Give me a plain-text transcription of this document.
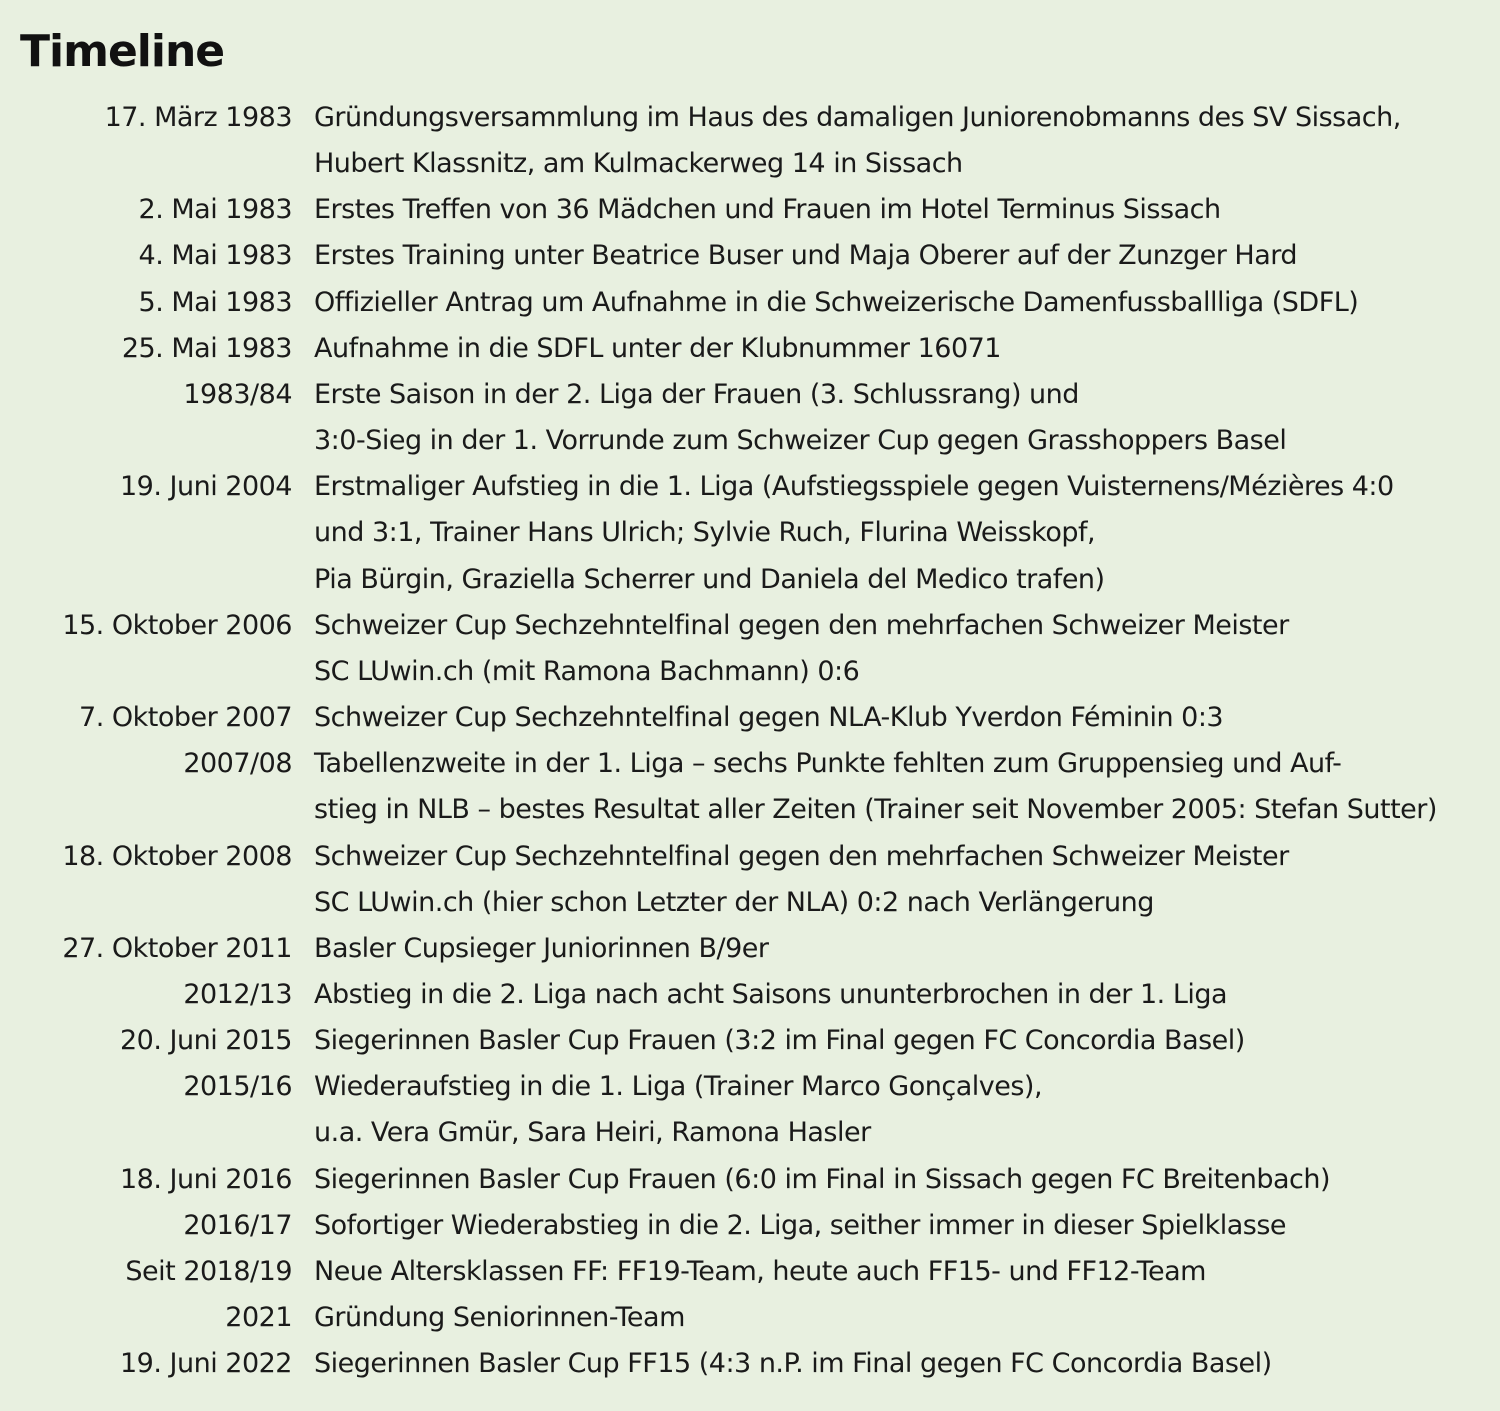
Timeline
17. März 1983 Gründungsversammlung im Haus des damaligen Juniorenobmanns des SV Sissach,
Hubert Klassnitz, am Kulmackerweg 14 in Sissach
2. Mai 1983 Erstes Treffen von 36 Mädchen und Frauen im Hotel Terminus Sissach
4. Mai 1983 Erstes Training unter Beatrice Buser und Maja Oberer auf der Zunzger Hard
5. Mai 1983 Offizieller Antrag um Aufnahme in die Schweizerische Damenfussballliga (SDFL)
25. Mai 1983 Aufnahme in die SDFL unter der Klubnummer 16071
1983/84 Erste Saison in der 2. Liga der Frauen (3. Schlussrang) und
3:0-Sieg in der 1. Vorrunde zum Schweizer Cup gegen Grasshoppers Basel
19. Juni 2004 Erstmaliger Aufstieg in die 1. Liga (Aufstiegsspiele gegen Vuisternens/Mézières 4:0
und 3:1, Trainer Hans Ulrich; Sylvie Ruch, Flurina Weisskopf,
Pia Bürgin, Graziella Scherrer und Daniela del Medico trafen)
15. Oktober 2006 Schweizer Cup Sechzehntelfinal gegen den mehrfachen Schweizer Meister
SC LUwin.ch (mit Ramona Bachmann) 0:6
7. Oktober 2007 Schweizer Cup Sechzehntelfinal gegen NLA-Klub Yverdon Féminin 0:3
2007/08 Tabellenzweite in der 1. Liga – sechs Punkte fehlten zum Gruppensieg und Auf-
stieg in NLB – bestes Resultat aller Zeiten (Trainer seit November 2005: Stefan Sutter)
18. Oktober 2008 Schweizer Cup Sechzehntelfinal gegen den mehrfachen Schweizer Meister
SC LUwin.ch (hier schon Letzter der NLA) 0:2 nach Verlängerung
27. Oktober 2011 Basler Cupsieger Juniorinnen B/9er
2012/13 Abstieg in die 2. Liga nach acht Saisons ununterbrochen in der 1. Liga
20. Juni 2015 Siegerinnen Basler Cup Frauen (3:2 im Final gegen FC Concordia Basel)
2015/16 Wiederaufstieg in die 1. Liga (Trainer Marco Gonçalves),
u.a. Vera Gmür, Sara Heiri, Ramona Hasler
18. Juni 2016 Siegerinnen Basler Cup Frauen (6:0 im Final in Sissach gegen FC Breitenbach)
2016/17 Sofortiger Wiederabstieg in die 2. Liga, seither immer in dieser Spielklasse
Seit 2018/19 Neue Altersklassen FF: FF19-Team, heute auch FF15- und FF12-Team
2021 Gründung Seniorinnen-Team
19. Juni 2022 Siegerinnen Basler Cup FF15 (4:3 n.P. im Final gegen FC Concordia Basel)
